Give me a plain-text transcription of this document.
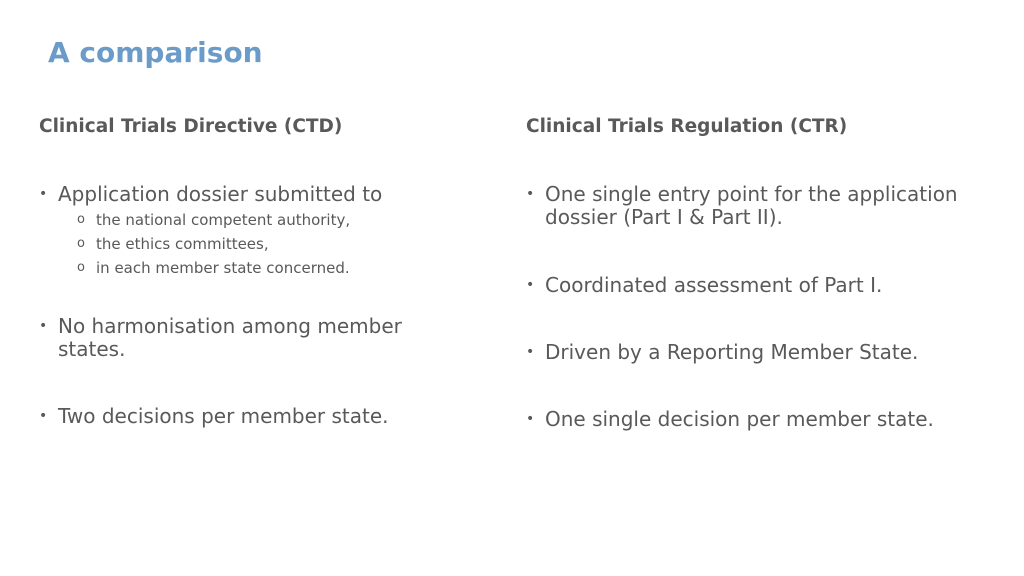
A comparison
Clinical Trials Directive (CTD)
• Application dossier submitted to
o the national competent authority,
o the ethics committees,
o in each member state concerned.
• No harmonisation among member states.
• Two decisions per member state.
Clinical Trials Regulation (CTR)
• One single entry point for the application dossier (Part I & Part II).
• Coordinated assessment of Part I.
• Driven by a Reporting Member State.
• One single decision per member state.
